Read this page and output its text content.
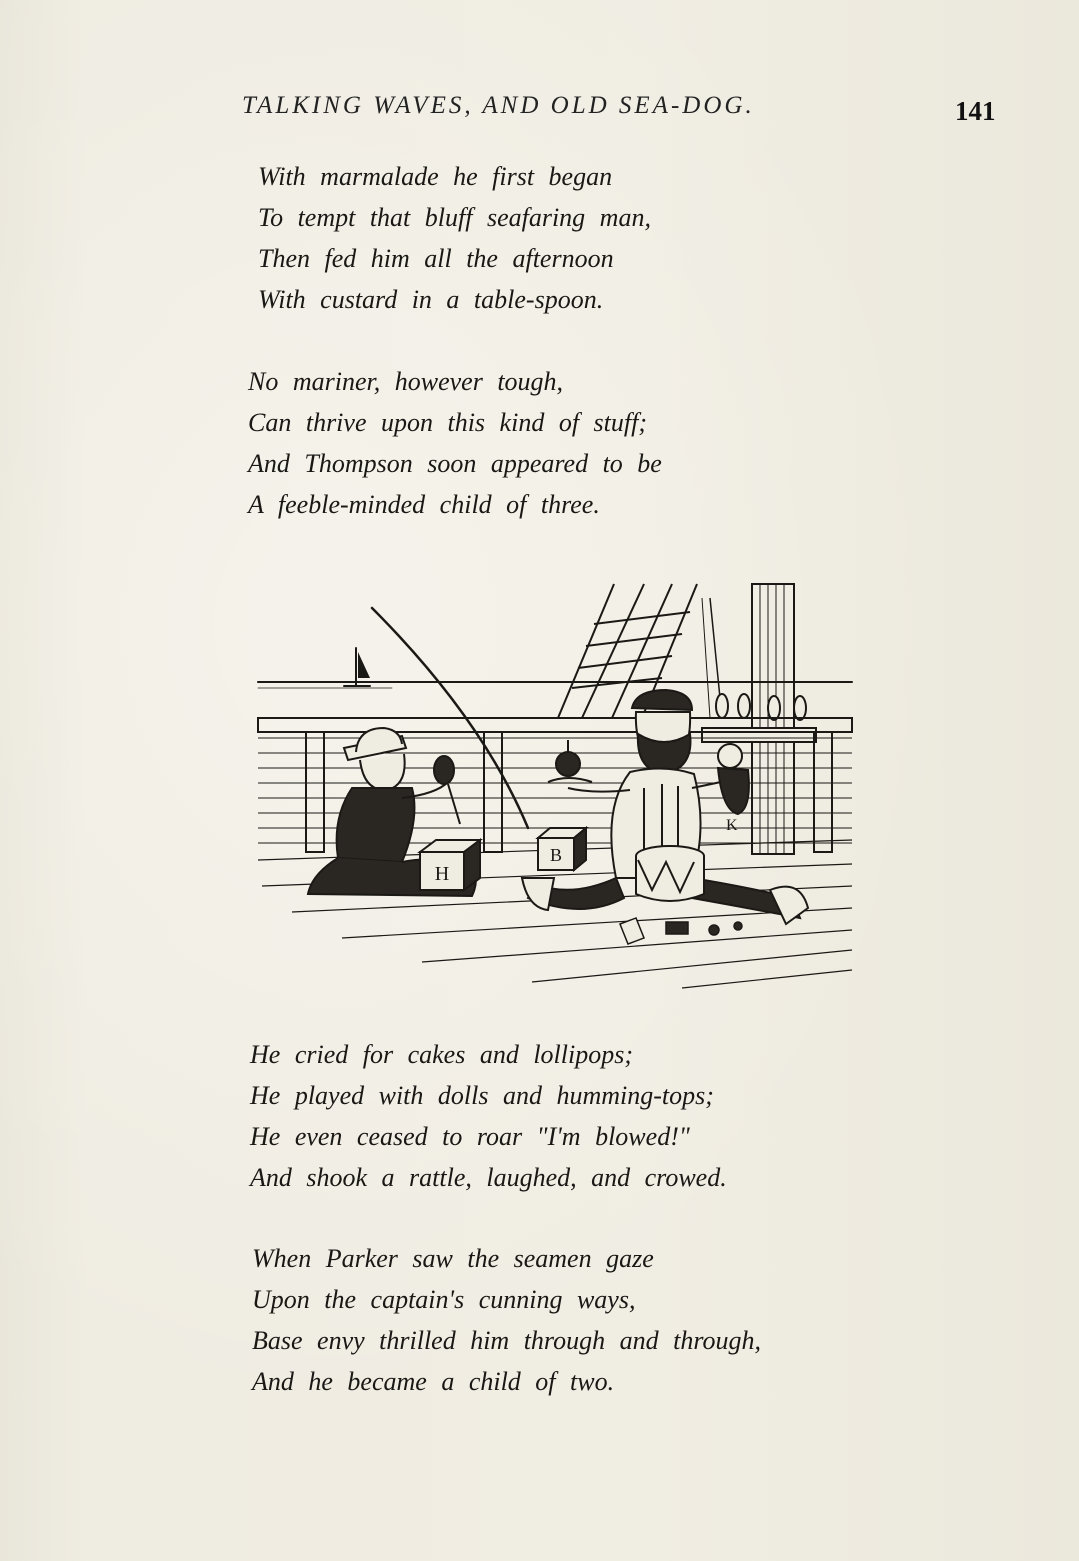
TALKING WAVES, AND OLD SEA-DOG.	141
With marmalade he first began
To tempt that bluff seafaring man,
Then fed him all the afternoon
With custard in a table-spoon.
No mariner, however tough,
Can thrive upon this kind of stuff;
And Thompson soon appeared to be
A feeble-minded child of three.
H
B
K
He cried for cakes and lollipops;
He played with dolls and humming-tops;
He even ceased to roar "I'm blowed!"
And shook a rattle, laughed, and crowed.
When Parker saw the seamen gaze
Upon the captain's cunning ways,
Base envy thrilled him through and through,
And he became a child of two.
